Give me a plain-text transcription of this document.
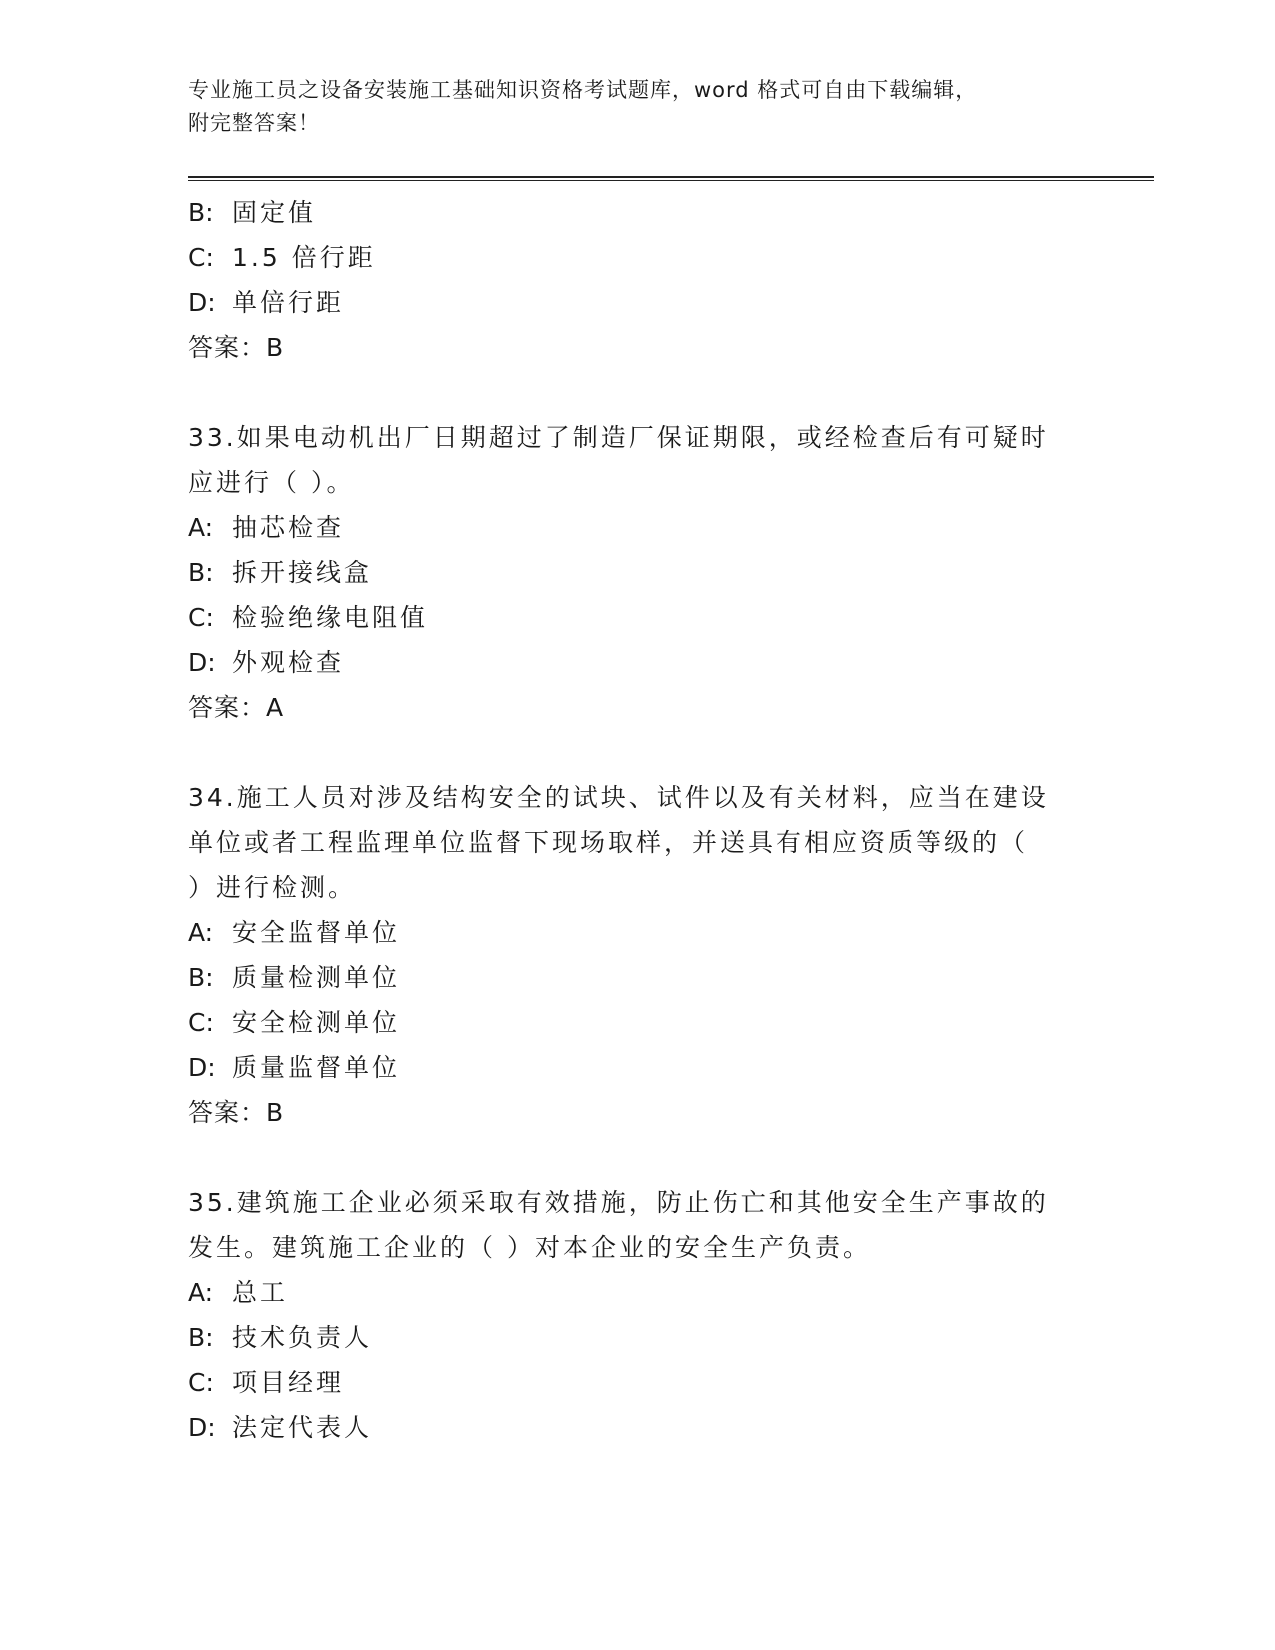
专业施工员之设备安装施工基础知识资格考试题库，word 格式可自由下载编辑，
附完整答案！
B: 固定值
C: 1.5 倍行距
D: 单倍行距
答案：B
33.如果电动机出厂日期超过了制造厂保证期限，或经检查后有可疑时
应进行（ ）。
A: 抽芯检查
B: 拆开接线盒
C: 检验绝缘电阻值
D: 外观检查
答案：A
34.施工人员对涉及结构安全的试块、试件以及有关材料，应当在建设
单位或者工程监理单位监督下现场取样，并送具有相应资质等级的（
）进行检测。
A: 安全监督单位
B: 质量检测单位
C: 安全检测单位
D: 质量监督单位
答案：B
35.建筑施工企业必须采取有效措施，防止伤亡和其他安全生产事故的
发生。建筑施工企业的（ ）对本企业的安全生产负责。
A: 总工
B: 技术负责人
C: 项目经理
D: 法定代表人
